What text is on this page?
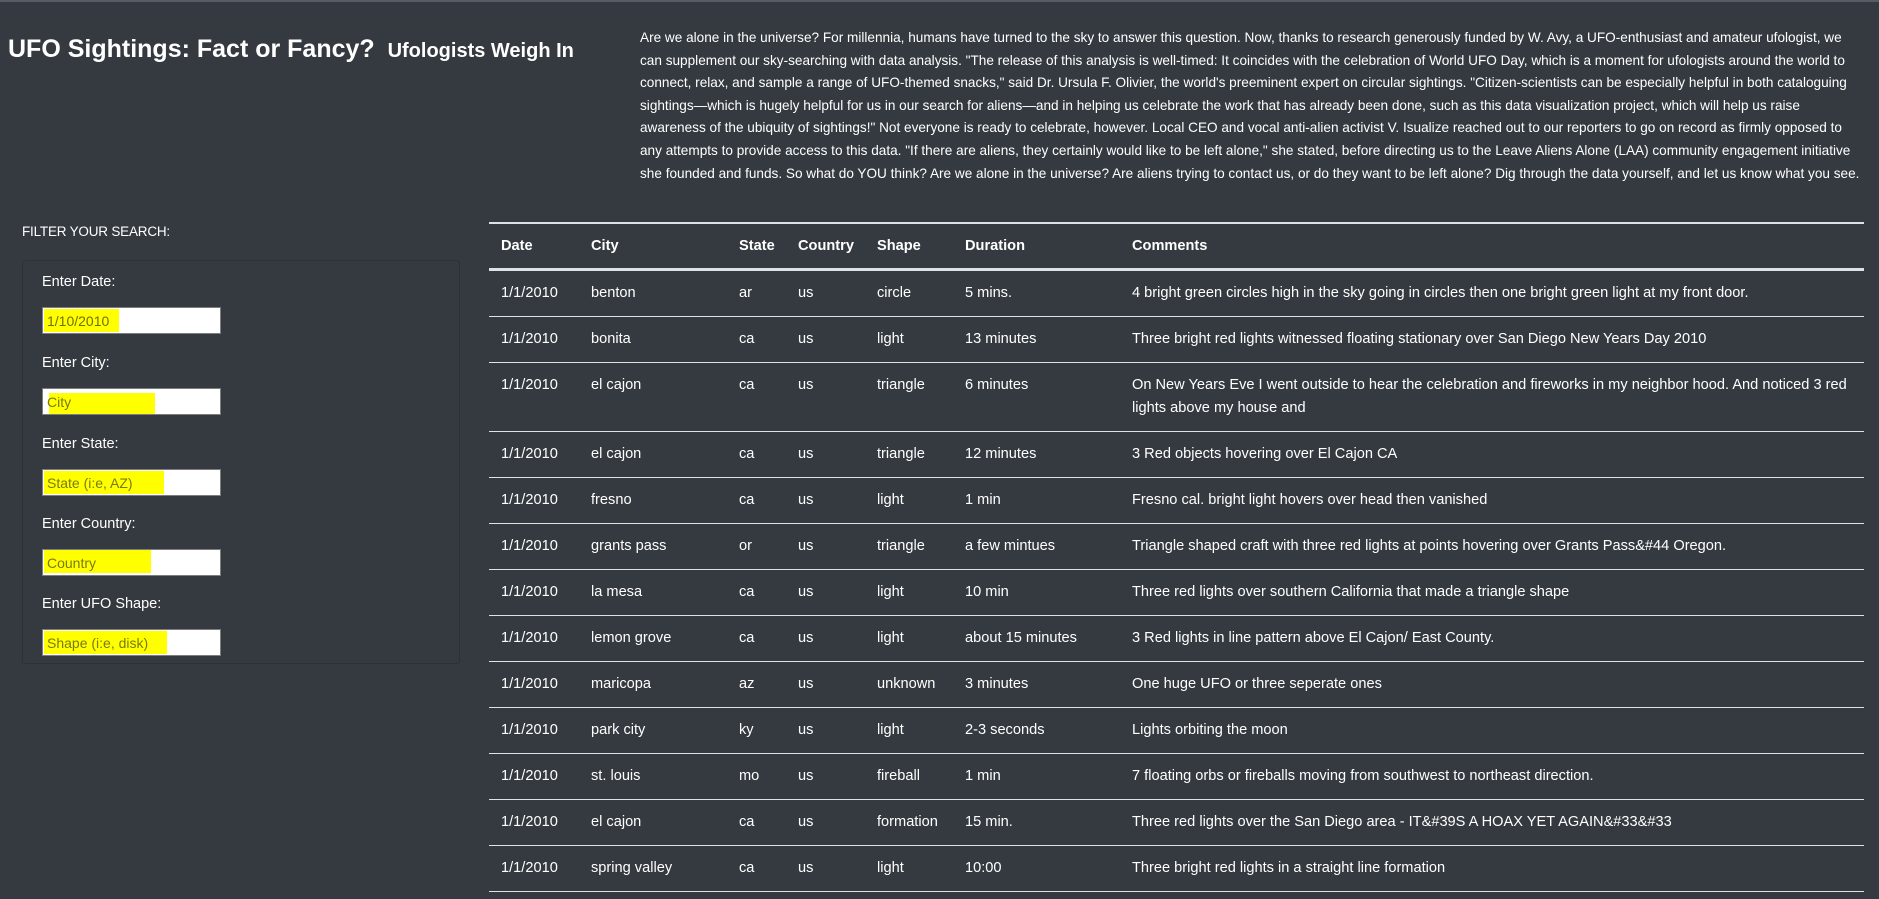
UFO Sightings: Fact or Fancy? Ufologists Weigh In

Are we alone in the universe? For millennia, humans have turned to the sky to answer this question. Now, thanks to research generously funded by W. Avy, a UFO-enthusiast and amateur ufologist, we can supplement our sky-searching with data analysis. "The release of this analysis is well-timed: It coincides with the celebration of World UFO Day, which is a moment for ufologists around the world to connect, relax, and sample a range of UFO-themed snacks," said Dr. Ursula F. Olivier, the world's preeminent expert on circular sightings. "Citizen-scientists can be especially helpful in both cataloguing sightings—which is hugely helpful for us in our search for aliens—and in helping us celebrate the work that has already been done, such as this data visualization project, which will help us raise awareness of the ubiquity of sightings!" Not everyone is ready to celebrate, however. Local CEO and vocal anti-alien activist V. Isualize reached out to our reporters to go on record as firmly opposed to any attempts to provide access to this data. "If there are aliens, they certainly would like to be left alone," she stated, before directing us to the Leave Aliens Alone (LAA) community engagement initiative she founded and funds. So what do YOU think? Are we alone in the universe? Are aliens trying to contact us, or do they want to be left alone? Dig through the data yourself, and let us know what you see.

FILTER YOUR SEARCH:
Enter Date:
1/10/2010
Enter City:
City
Enter State:
State (i:e, AZ)
Enter Country:
Country
Enter UFO Shape:
Shape (i:e, disk)
Date	City	State	Country	Shape	Duration	Comments
1/1/2010	benton	ar	us	circle	5 mins.	4 bright green circles high in the sky going in circles then one bright green light at my front door.
1/1/2010	bonita	ca	us	light	13 minutes	Three bright red lights witnessed floating stationary over San Diego New Years Day 2010
1/1/2010	el cajon	ca	us	triangle	6 minutes	On New Years Eve I went outside to hear the celebration and fireworks in my neighbor hood. And noticed 3 red lights above my house and
1/1/2010	el cajon	ca	us	triangle	12 minutes	3 Red objects hovering over El Cajon CA
1/1/2010	fresno	ca	us	light	1 min	Fresno cal. bright light hovers over head then vanished
1/1/2010	grants pass	or	us	triangle	a few mintues	Triangle shaped craft with three red lights at points hovering over Grants Pass&#44 Oregon.
1/1/2010	la mesa	ca	us	light	10 min	Three red lights over southern California that made a triangle shape
1/1/2010	lemon grove	ca	us	light	about 15 minutes	3 Red lights in line pattern above El Cajon/ East County.
1/1/2010	maricopa	az	us	unknown	3 minutes	One huge UFO or three seperate ones
1/1/2010	park city	ky	us	light	2-3 seconds	Lights orbiting the moon
1/1/2010	st. louis	mo	us	fireball	1 min	7 floating orbs or fireballs moving from southwest to northeast direction.
1/1/2010	el cajon	ca	us	formation	15 min.	Three red lights over the San Diego area - IT&#39S A HOAX YET AGAIN&#33&#33
1/1/2010	spring valley	ca	us	light	10:00	Three bright red lights in a straight line formation
